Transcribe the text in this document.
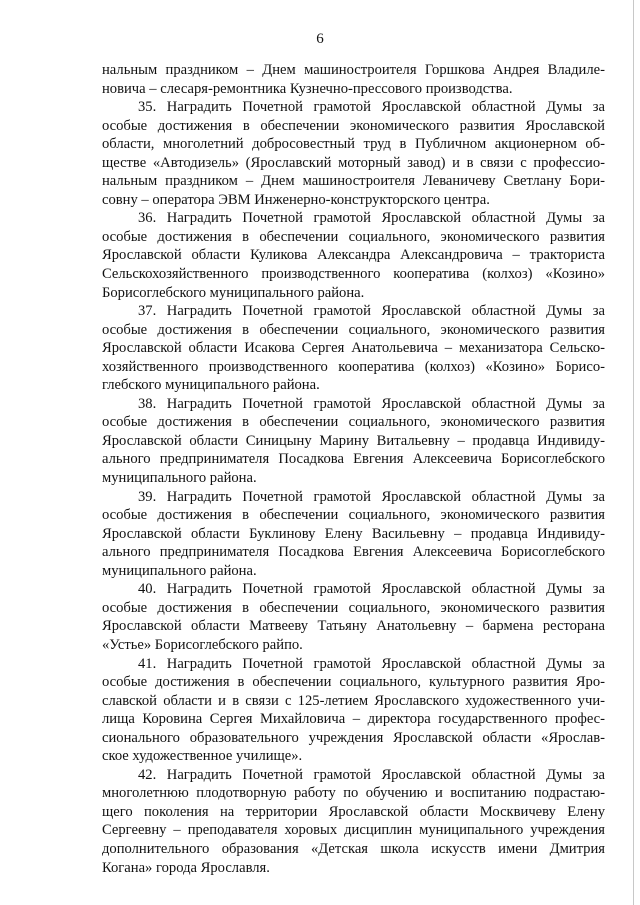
6
нальным праздником – Днем машиностроителя Горшкова Андрея Владиле-
новича – слесаря-ремонтника Кузнечно-прессового производства.
35. Наградить Почетной грамотой Ярославской областной Думы за
особые достижения в обеспечении экономического развития Ярославской
области, многолетний добросовестный труд в Публичном акционерном об-
ществе «Автодизель» (Ярославский моторный завод) и в связи с профессио-
нальным праздником – Днем машиностроителя Леваничеву Светлану Бори-
совну – оператора ЭВМ Инженерно-конструкторского центра.
36. Наградить Почетной грамотой Ярославской областной Думы за
особые достижения в обеспечении социального, экономического развития
Ярославской области Куликова Александра Александровича – тракториста
Сельскохозяйственного производственного кооператива (колхоз) «Козино»
Борисоглебского муниципального района.
37. Наградить Почетной грамотой Ярославской областной Думы за
особые достижения в обеспечении социального, экономического развития
Ярославской области Исакова Сергея Анатольевича – механизатора Сельско-
хозяйственного производственного кооператива (колхоз) «Козино» Борисо-
глебского муниципального района.
38. Наградить Почетной грамотой Ярославской областной Думы за
особые достижения в обеспечении социального, экономического развития
Ярославской области Синицыну Марину Витальевну – продавца Индивиду-
ального предпринимателя Посадкова Евгения Алексеевича Борисоглебского
муниципального района.
39. Наградить Почетной грамотой Ярославской областной Думы за
особые достижения в обеспечении социального, экономического развития
Ярославской области Буклинову Елену Васильевну – продавца Индивиду-
ального предпринимателя Посадкова Евгения Алексеевича Борисоглебского
муниципального района.
40. Наградить Почетной грамотой Ярославской областной Думы за
особые достижения в обеспечении социального, экономического развития
Ярославской области Матвееву Татьяну Анатольевну – бармена ресторана
«Устье» Борисоглебского райпо.
41. Наградить Почетной грамотой Ярославской областной Думы за
особые достижения в обеспечении социального, культурного развития Яро-
славской области и в связи с 125-летием Ярославского художественного учи-
лища Коровина Сергея Михайловича – директора государственного профес-
сионального образовательного учреждения Ярославской области «Ярослав-
ское художественное училище».
42. Наградить Почетной грамотой Ярославской областной Думы за
многолетнюю плодотворную работу по обучению и воспитанию подрастаю-
щего поколения на территории Ярославской области Москвичеву Елену
Сергеевну – преподавателя хоровых дисциплин муниципального учреждения
дополнительного образования «Детская школа искусств имени Дмитрия
Когана» города Ярославля.
